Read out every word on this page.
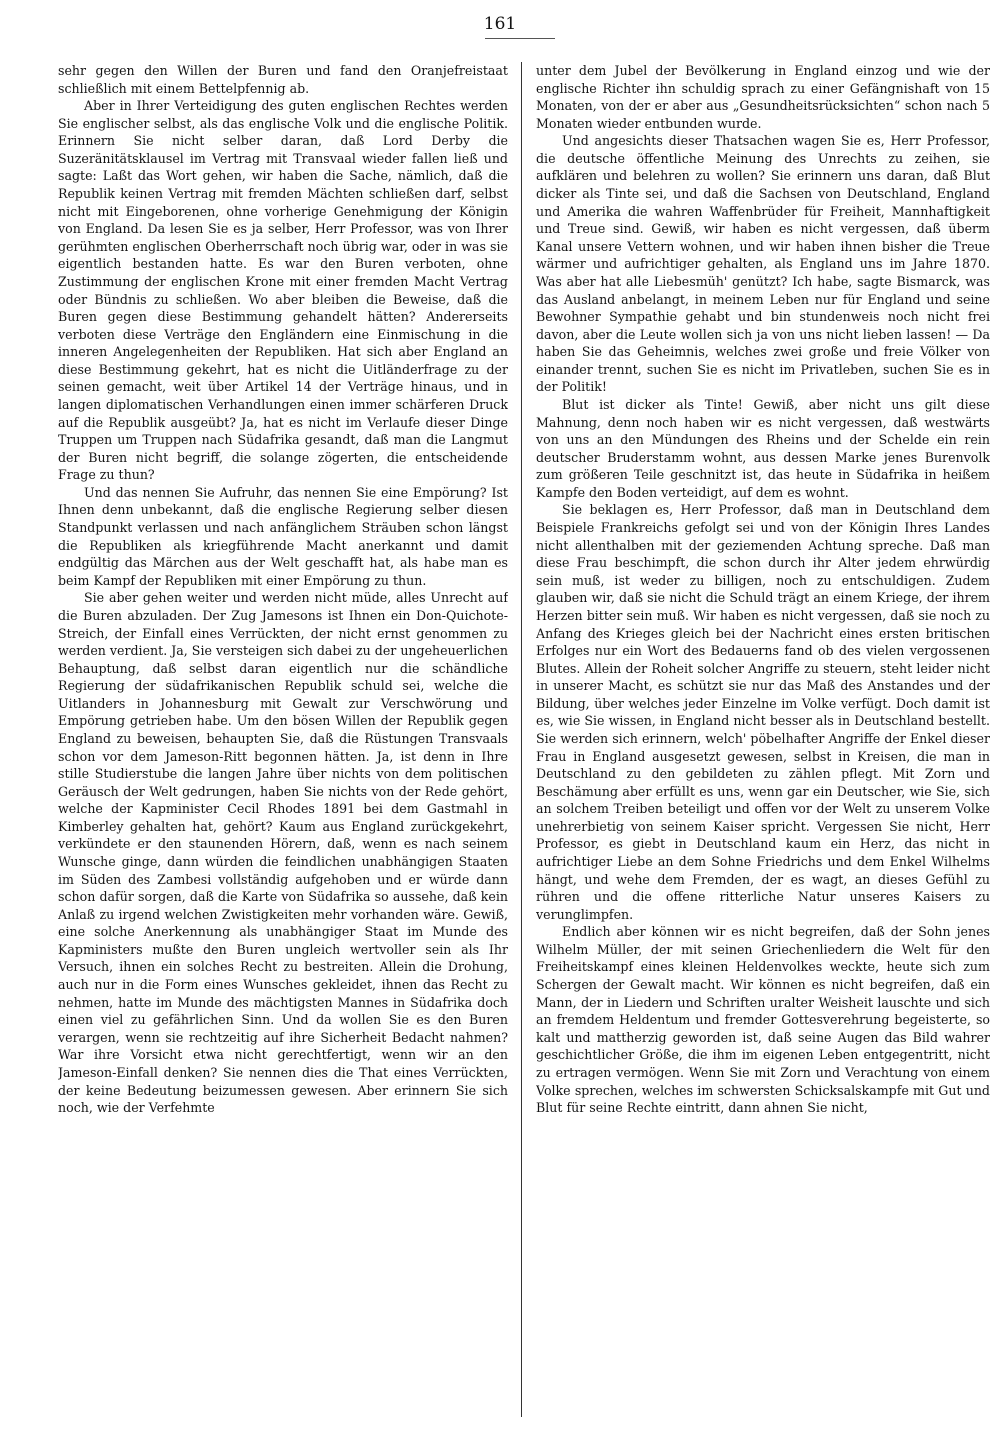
161

sehr gegen den Willen der Buren und fand den Oranjefreistaat schließlich mit einem Bettelpfennig ab.

Aber in Ihrer Verteidigung des guten englischen Rechtes werden Sie englischer selbst, als das englische Volk und die englische Politik. Erinnern Sie nicht selber daran, daß Lord Derby die Suzeränitätsklausel im Vertrag mit Transvaal wieder fallen ließ und sagte: Laßt das Wort gehen, wir haben die Sache, nämlich, daß die Republik keinen Vertrag mit fremden Mächten schließen darf, selbst nicht mit Eingeborenen, ohne vorherige Genehmigung der Königin von England. Da lesen Sie es ja selber, Herr Professor, was von Ihrer gerühmten englischen Oberherrschaft noch übrig war, oder in was sie eigentlich bestanden hatte. Es war den Buren verboten, ohne Zustimmung der englischen Krone mit einer fremden Macht Vertrag oder Bündnis zu schließen. Wo aber bleiben die Beweise, daß die Buren gegen diese Bestimmung gehandelt hätten? Andererseits verboten diese Verträge den Engländern eine Einmischung in die inneren Angelegenheiten der Republiken. Hat sich aber England an diese Bestimmung gekehrt, hat es nicht die Uitländerfrage zu der seinen gemacht, weit über Artikel 14 der Verträge hinaus, und in langen diplomatischen Verhandlungen einen immer schärferen Druck auf die Republik ausgeübt? Ja, hat es nicht im Verlaufe dieser Dinge Truppen um Truppen nach Südafrika gesandt, daß man die Langmut der Buren nicht begriff, die solange zögerten, die entscheidende Frage zu thun?

Und das nennen Sie Aufruhr, das nennen Sie eine Empörung? Ist Ihnen denn unbekannt, daß die englische Regierung selber diesen Standpunkt verlassen und nach anfänglichem Sträuben schon längst die Republiken als kriegführende Macht anerkannt und damit endgültig das Märchen aus der Welt geschafft hat, als habe man es beim Kampf der Republiken mit einer Empörung zu thun.

Sie aber gehen weiter und werden nicht müde, alles Unrecht auf die Buren abzuladen. Der Zug Jamesons ist Ihnen ein Don-Quichote-Streich, der Einfall eines Verrückten, der nicht ernst genommen zu werden verdient. Ja, Sie versteigen sich dabei zu der ungeheuerlichen Behauptung, daß selbst daran eigentlich nur die schändliche Regierung der südafrikanischen Republik schuld sei, welche die Uitlanders in Johannesburg mit Gewalt zur Verschwörung und Empörung getrieben habe. Um den bösen Willen der Republik gegen England zu beweisen, behaupten Sie, daß die Rüstungen Transvaals schon vor dem Jameson-Ritt begonnen hätten. Ja, ist denn in Ihre stille Studierstube die langen Jahre über nichts von dem politischen Geräusch der Welt gedrungen, haben Sie nichts von der Rede gehört, welche der Kapminister Cecil Rhodes 1891 bei dem Gastmahl in Kimberley gehalten hat, gehört? Kaum aus England zurückgekehrt, verkündete er den staunenden Hörern, daß, wenn es nach seinem Wunsche ginge, dann würden die feindlichen unabhängigen Staaten im Süden des Zambesi vollständig aufgehoben und er würde dann schon dafür sorgen, daß die Karte von Südafrika so aussehe, daß kein Anlaß zu irgend welchen Zwistigkeiten mehr vorhanden wäre. Gewiß, eine solche Anerkennung als unabhängiger Staat im Munde des Kapministers mußte den Buren ungleich wertvoller sein als Ihr Versuch, ihnen ein solches Recht zu bestreiten. Allein die Drohung, auch nur in die Form eines Wunsches gekleidet, ihnen das Recht zu nehmen, hatte im Munde des mächtigsten Mannes in Südafrika doch einen viel zu gefährlichen Sinn. Und da wollen Sie es den Buren verargen, wenn sie rechtzeitig auf ihre Sicherheit Bedacht nahmen? War ihre Vorsicht etwa nicht gerechtfertigt, wenn wir an den Jameson-Einfall denken? Sie nennen dies die That eines Verrückten, der keine Bedeutung beizumessen gewesen. Aber erinnern Sie sich noch, wie der Verfehmte

unter dem Jubel der Bevölkerung in England einzog und wie der englische Richter ihn schuldig sprach zu einer Gefängnishaft von 15 Monaten, von der er aber aus „Gesundheitsrücksichten“ schon nach 5 Monaten wieder entbunden wurde.

Und angesichts dieser Thatsachen wagen Sie es, Herr Professor, die deutsche öffentliche Meinung des Unrechts zu zeihen, sie aufklären und belehren zu wollen? Sie erinnern uns daran, daß Blut dicker als Tinte sei, und daß die Sachsen von Deutschland, England und Amerika die wahren Waffenbrüder für Freiheit, Mannhaftigkeit und Treue sind. Gewiß, wir haben es nicht vergessen, daß überm Kanal unsere Vettern wohnen, und wir haben ihnen bisher die Treue wärmer und aufrichtiger gehalten, als England uns im Jahre 1870. Was aber hat alle Liebesmüh' genützt? Ich habe, sagte Bismarck, was das Ausland anbelangt, in meinem Leben nur für England und seine Bewohner Sympathie gehabt und bin stundenweis noch nicht frei davon, aber die Leute wollen sich ja von uns nicht lieben lassen! — Da haben Sie das Geheimnis, welches zwei große und freie Völker von einander trennt, suchen Sie es nicht im Privatleben, suchen Sie es in der Politik!

Blut ist dicker als Tinte! Gewiß, aber nicht uns gilt diese Mahnung, denn noch haben wir es nicht vergessen, daß westwärts von uns an den Mündungen des Rheins und der Schelde ein rein deutscher Bruderstamm wohnt, aus dessen Marke jenes Burenvolk zum größeren Teile geschnitzt ist, das heute in Südafrika in heißem Kampfe den Boden verteidigt, auf dem es wohnt.

Sie beklagen es, Herr Professor, daß man in Deutschland dem Beispiele Frankreichs gefolgt sei und von der Königin Ihres Landes nicht allenthalben mit der geziemenden Achtung spreche. Daß man diese Frau beschimpft, die schon durch ihr Alter jedem ehrwürdig sein muß, ist weder zu billigen, noch zu entschuldigen. Zudem glauben wir, daß sie nicht die Schuld trägt an einem Kriege, der ihrem Herzen bitter sein muß. Wir haben es nicht vergessen, daß sie noch zu Anfang des Krieges gleich bei der Nachricht eines ersten britischen Erfolges nur ein Wort des Bedauerns fand ob des vielen vergossenen Blutes. Allein der Roheit solcher Angriffe zu steuern, steht leider nicht in unserer Macht, es schützt sie nur das Maß des Anstandes und der Bildung, über welches jeder Einzelne im Volke verfügt. Doch damit ist es, wie Sie wissen, in England nicht besser als in Deutschland bestellt. Sie werden sich erinnern, welch' pöbelhafter Angriffe der Enkel dieser Frau in England ausgesetzt gewesen, selbst in Kreisen, die man in Deutschland zu den gebildeten zu zählen pflegt. Mit Zorn und Beschämung aber erfüllt es uns, wenn gar ein Deutscher, wie Sie, sich an solchem Treiben beteiligt und offen vor der Welt zu unserem Volke unehrerbietig von seinem Kaiser spricht. Vergessen Sie nicht, Herr Professor, es giebt in Deutschland kaum ein Herz, das nicht in aufrichtiger Liebe an dem Sohne Friedrichs und dem Enkel Wilhelms hängt, und wehe dem Fremden, der es wagt, an dieses Gefühl zu rühren und die offene ritterliche Natur unseres Kaisers zu verunglimpfen.

Endlich aber können wir es nicht begreifen, daß der Sohn jenes Wilhelm Müller, der mit seinen Griechenliedern die Welt für den Freiheitskampf eines kleinen Heldenvolkes weckte, heute sich zum Schergen der Gewalt macht. Wir können es nicht begreifen, daß ein Mann, der in Liedern und Schriften uralter Weisheit lauschte und sich an fremdem Heldentum und fremder Gottesverehrung begeisterte, so kalt und mattherzig geworden ist, daß seine Augen das Bild wahrer geschichtlicher Größe, die ihm im eigenen Leben entgegentritt, nicht zu ertragen vermögen. Wenn Sie mit Zorn und Verachtung von einem Volke sprechen, welches im schwersten Schicksalskampfe mit Gut und Blut für seine Rechte eintritt, dann ahnen Sie nicht,
